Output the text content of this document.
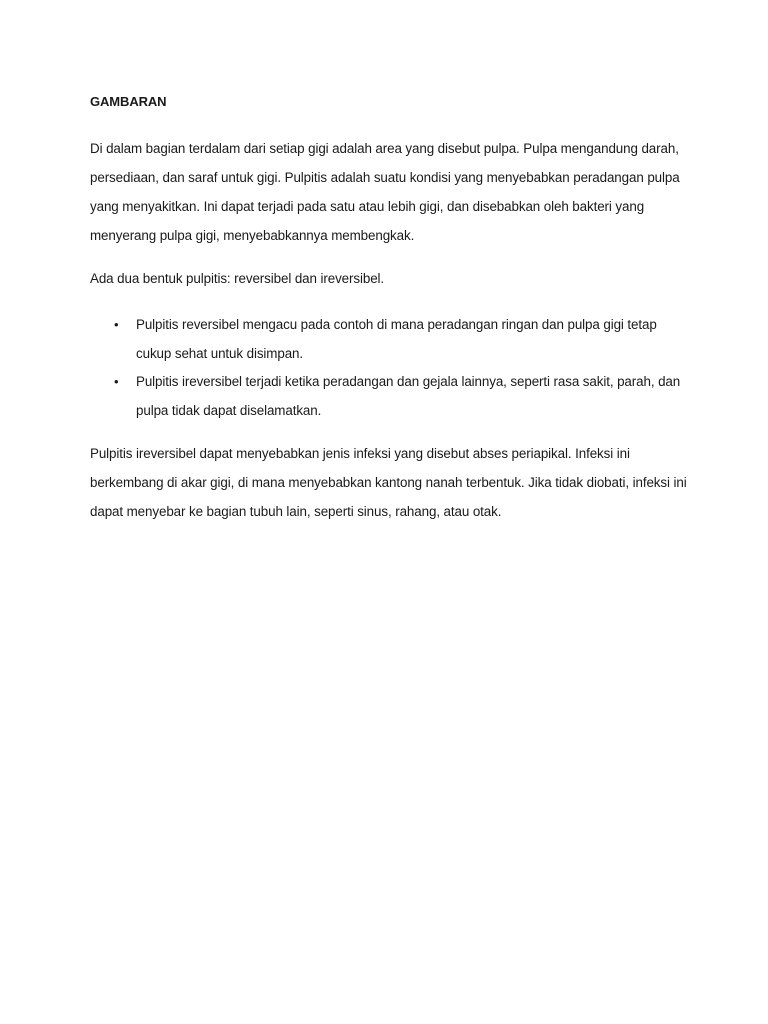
GAMBARAN

Di dalam bagian terdalam dari setiap gigi adalah area yang disebut pulpa. Pulpa mengandung darah, persediaan, dan saraf untuk gigi. Pulpitis adalah suatu kondisi yang menyebabkan peradangan pulpa yang menyakitkan. Ini dapat terjadi pada satu atau lebih gigi, dan disebabkan oleh bakteri yang menyerang pulpa gigi, menyebabkannya membengkak.

Ada dua bentuk pulpitis: reversibel dan ireversibel.

• Pulpitis reversibel mengacu pada contoh di mana peradangan ringan dan pulpa gigi tetap cukup sehat untuk disimpan.
• Pulpitis ireversibel terjadi ketika peradangan dan gejala lainnya, seperti rasa sakit, parah, dan pulpa tidak dapat diselamatkan.

Pulpitis ireversibel dapat menyebabkan jenis infeksi yang disebut abses periapikal. Infeksi ini berkembang di akar gigi, di mana menyebabkan kantong nanah terbentuk. Jika tidak diobati, infeksi ini dapat menyebar ke bagian tubuh lain, seperti sinus, rahang, atau otak.
